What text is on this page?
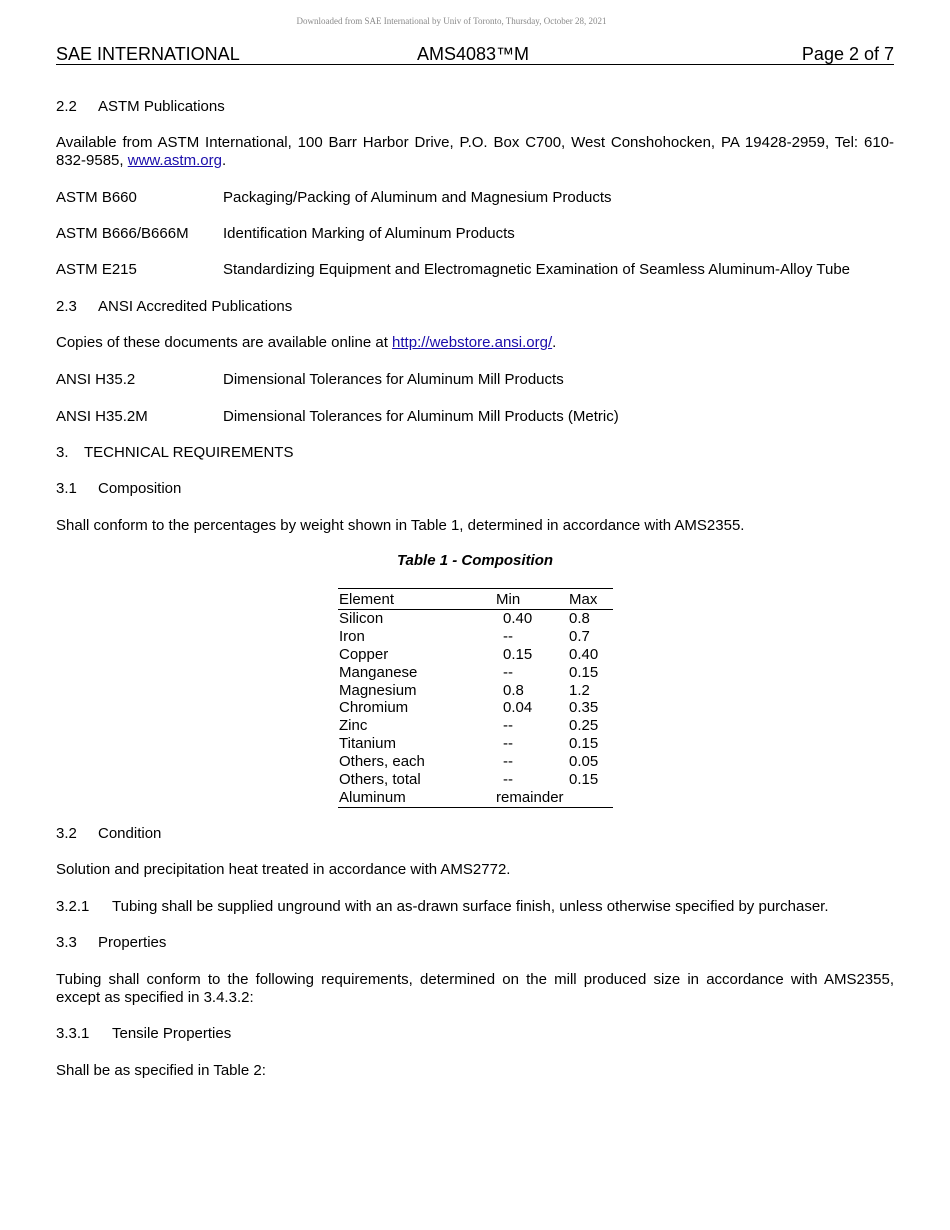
Downloaded from SAE International by Univ of Toronto, Thursday, October 28, 2021
SAE INTERNATIONAL	AMS4083™M	Page 2 of 7
2.2 ASTM Publications
Available from ASTM International, 100 Barr Harbor Drive, P.O. Box C700, West Conshohocken, PA 19428-2959, Tel: 610-832-9585, www.astm.org.
ASTM B660	Packaging/Packing of Aluminum and Magnesium Products
ASTM B666/B666M Identification Marking of Aluminum Products
ASTM E215	Standardizing Equipment and Electromagnetic Examination of Seamless Aluminum-Alloy Tube
2.3 ANSI Accredited Publications
Copies of these documents are available online at http://webstore.ansi.org/.
ANSI H35.2	Dimensional Tolerances for Aluminum Mill Products
ANSI H35.2M	Dimensional Tolerances for Aluminum Mill Products (Metric)
3. TECHNICAL REQUIREMENTS
3.1 Composition
Shall conform to the percentages by weight shown in Table 1, determined in accordance with AMS2355.
Table 1 - Composition
Element	Min	Max
Silicon	0.40	0.8
Iron	--	0.7
Copper	0.15	0.40
Manganese	--	0.15
Magnesium	0.8	1.2
Chromium	0.04	0.35
Zinc	--	0.25
Titanium	--	0.15
Others, each	--	0.05
Others, total	--	0.15
Aluminum	remainder	
3.2 Condition
Solution and precipitation heat treated in accordance with AMS2772.
3.2.1 Tubing shall be supplied unground with an as-drawn surface finish, unless otherwise specified by purchaser.
3.3 Properties
Tubing shall conform to the following requirements, determined on the mill produced size in accordance with AMS2355, except as specified in 3.4.3.2:
3.3.1 Tensile Properties
Shall be as specified in Table 2:
